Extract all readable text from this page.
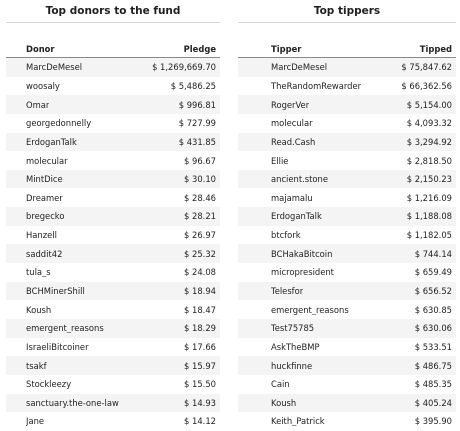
Top donors to the fund
Donor	Pledge
MarcDeMesel	$ 1,269,669.70
woosaly	$ 5,486.25
Omar	$ 996.81
georgedonnelly	$ 727.99
ErdoganTalk	$ 431.85
molecular	$ 96.67
MintDice	$ 30.10
Dreamer	$ 28.46
bregecko	$ 28.21
Hanzell	$ 26.97
saddit42	$ 25.32
tula_s	$ 24.08
BCHMinerShill	$ 18.94
Koush	$ 18.47
emergent_reasons	$ 18.29
IsraeliBitcoiner	$ 17.66
tsakf	$ 15.97
Stockleezy	$ 15.50
sanctuary.the-one-law	$ 14.93
Jane	$ 14.12
Top tippers
Tipper	Tipped
MarcDeMesel	$ 75,847.62
TheRandomRewarder	$ 66,362.56
RogerVer	$ 5,154.00
molecular	$ 4,093.32
Read.Cash	$ 3,294.92
Ellie	$ 2,818.50
ancient.stone	$ 2,150.23
majamalu	$ 1,216.09
ErdoganTalk	$ 1,188.08
btcfork	$ 1,182.05
BCHakaBitcoin	$ 744.14
micropresident	$ 659.49
Telesfor	$ 656.52
emergent_reasons	$ 630.85
Test75785	$ 630.06
AskTheBMP	$ 533.51
huckfinne	$ 486.75
Cain	$ 485.35
Koush	$ 405.24
Keith_Patrick	$ 395.90
